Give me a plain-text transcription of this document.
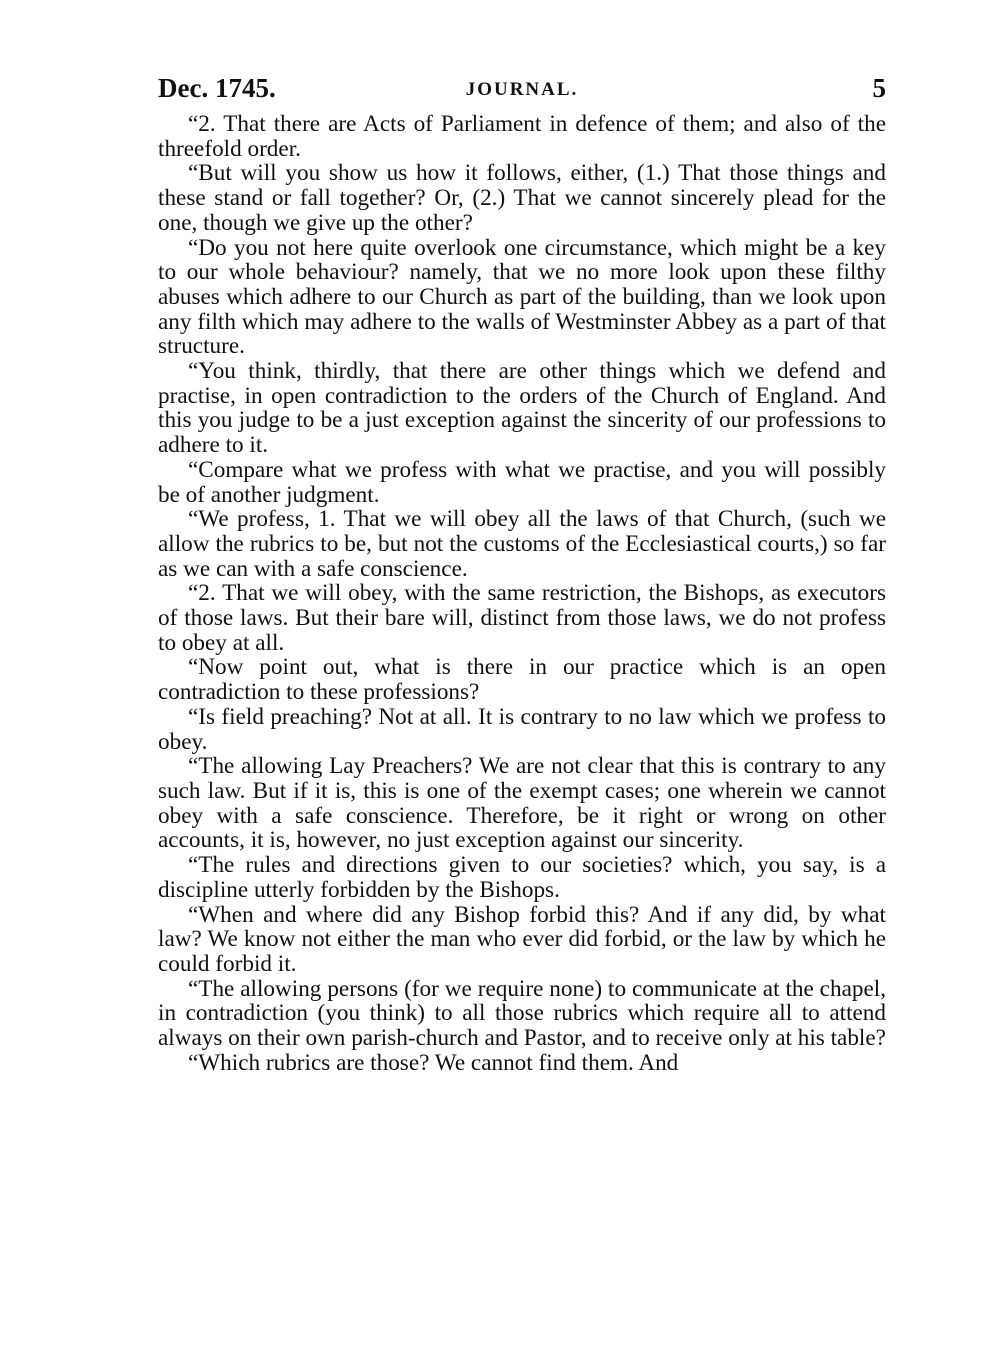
Dec. 1745.	JOURNAL.	5

“2. That there are Acts of Parliament in defence of them; and also of the threefold order.

“But will you show us how it follows, either, (1.) That those things and these stand or fall together? Or, (2.) That we cannot sincerely plead for the one, though we give up the other?

“Do you not here quite overlook one circumstance, which might be a key to our whole behaviour? namely, that we no more look upon these filthy abuses which adhere to our Church as part of the building, than we look upon any filth which may adhere to the walls of Westminster Abbey as a part of that structure.

“You think, thirdly, that there are other things which we defend and practise, in open contradiction to the orders of the Church of England. And this you judge to be a just exception against the sincerity of our professions to adhere to it.

“Compare what we profess with what we practise, and you will possibly be of another judgment.

“We profess, 1. That we will obey all the laws of that Church, (such we allow the rubrics to be, but not the customs of the Ecclesiastical courts,) so far as we can with a safe conscience.

“2. That we will obey, with the same restriction, the Bishops, as executors of those laws. But their bare will, distinct from those laws, we do not profess to obey at all.

“Now point out, what is there in our practice which is an open contradiction to these professions?

“Is field preaching? Not at all. It is contrary to no law which we profess to obey.

“The allowing Lay Preachers? We are not clear that this is contrary to any such law. But if it is, this is one of the exempt cases; one wherein we cannot obey with a safe conscience. Therefore, be it right or wrong on other accounts, it is, however, no just exception against our sincerity.

“The rules and directions given to our societies? which, you say, is a discipline utterly forbidden by the Bishops.

“When and where did any Bishop forbid this? And if any did, by what law? We know not either the man who ever did forbid, or the law by which he could forbid it.

“The allowing persons (for we require none) to communicate at the chapel, in contradiction (you think) to all those rubrics which require all to attend always on their own parish-church and Pastor, and to receive only at his table?

“Which rubrics are those? We cannot find them. And
